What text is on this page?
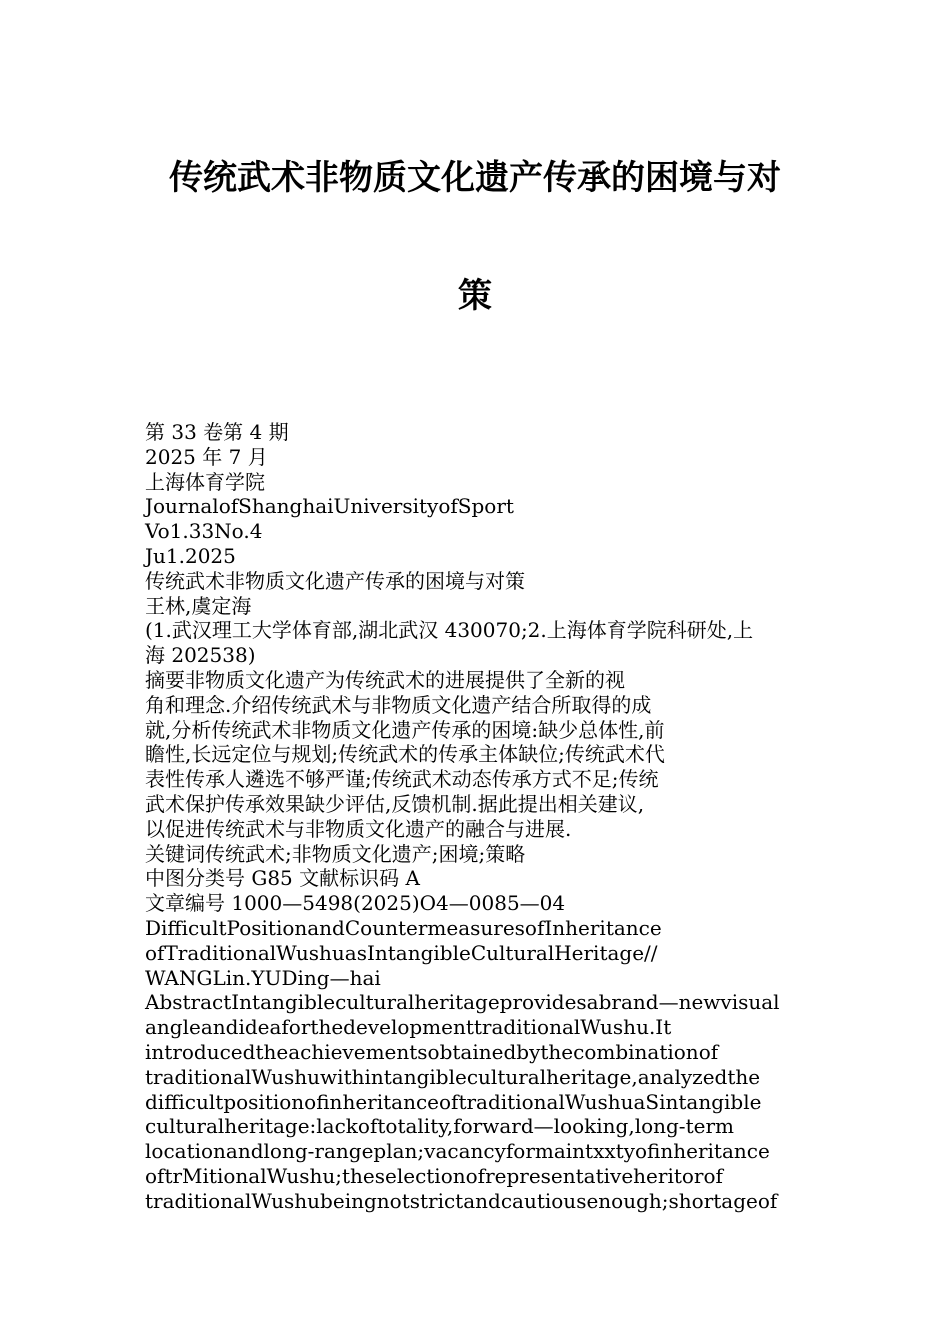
传统武术非物质文化遗产传承的困境与对
策
第 33 卷第 4 期
2025 年 7 月
上海体育学院
JournalofShanghaiUniversityofSport
Vo1.33No.4
Ju1.2025
传统武术非物质文化遗产传承的困境与对策
王林,虞定海
(1.武汉理工大学体育部,湖北武汉 430070;2.上海体育学院科研处,上
海 202538)
摘要非物质文化遗产为传统武术的进展提供了全新的视
角和理念.介绍传统武术与非物质文化遗产结合所取得的成
就,分析传统武术非物质文化遗产传承的困境:缺少总体性,前
瞻性,长远定位与规划;传统武术的传承主体缺位;传统武术代
表性传承人遴选不够严谨;传统武术动态传承方式不足;传统
武术保护传承效果缺少评估,反馈机制.据此提出相关建议,
以促进传统武术与非物质文化遗产的融合与进展.
关键词传统武术;非物质文化遗产;困境;策略
中图分类号 G85 文献标识码 A
文章编号 1000—5498(2025)O4—0085—04
DifficultPositionandCountermeasuresofInheritance
ofTraditionalWushuasIntangibleCulturalHeritage//
WANGLin.YUDing—hai
AbstractIntangibleculturalheritageprovidesabrand—newvisual
angleandideaforthedevelopmenttraditionalWushu.It
introducedtheachievementsobtainedbythecombinationof
traditionalWushuwithintangibleculturalheritage,analyzedthe
difficultpositionofinheritanceoftraditionalWushuaSintangible
culturalheritage:lackoftotality,forward—looking,long-term
locationandlong-rangeplan;vacancyformaintxxtyofinheritance
oftrMitionalWushu;theselectionofrepresentativeheritorof
traditionalWushubeingnotstrictandcautiousenough;shortageof
